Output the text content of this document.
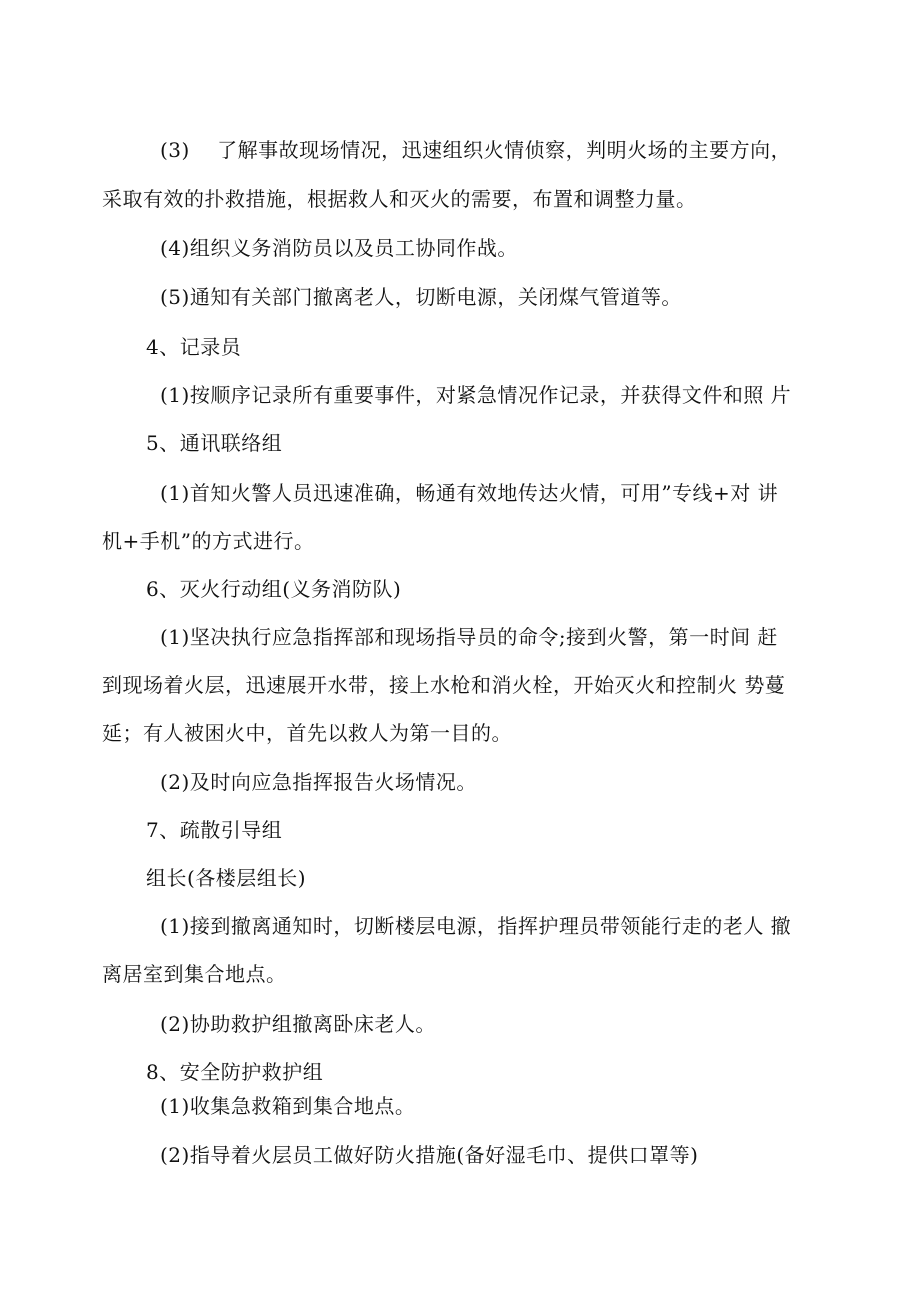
(3)　 了解事故现场情况，迅速组织火情侦察，判明火场的主要方向，
采取有效的扑救措施，根据救人和灭火的需要，布置和调整力量。
(4)组织义务消防员以及员工协同作战。
(5)通知有关部门撤离老人，切断电源，关闭煤气管道等。
4、记录员
(1)按顺序记录所有重要事件，对紧急情况作记录，并获得文件和照 片
5、通讯联络组
(1)首知火警人员迅速准确，畅通有效地传达火情，可用”专线+对 讲
机+手机”的方式进行。
6、灭火行动组(义务消防队)
(1)坚决执行应急指挥部和现场指导员的命令;接到火警，第一时间 赶
到现场着火层，迅速展开水带，接上水枪和消火栓，开始灭火和控制火 势蔓
延；有人被困火中，首先以救人为第一目的。
(2)及时向应急指挥报告火场情况。
7、疏散引导组
组长(各楼层组长)
(1)接到撤离通知时，切断楼层电源，指挥护理员带领能行走的老人 撤
离居室到集合地点。
(2)协助救护组撤离卧床老人。
8、安全防护救护组
(1)收集急救箱到集合地点。
(2)指导着火层员工做好防火措施(备好湿毛巾、提供口罩等)
